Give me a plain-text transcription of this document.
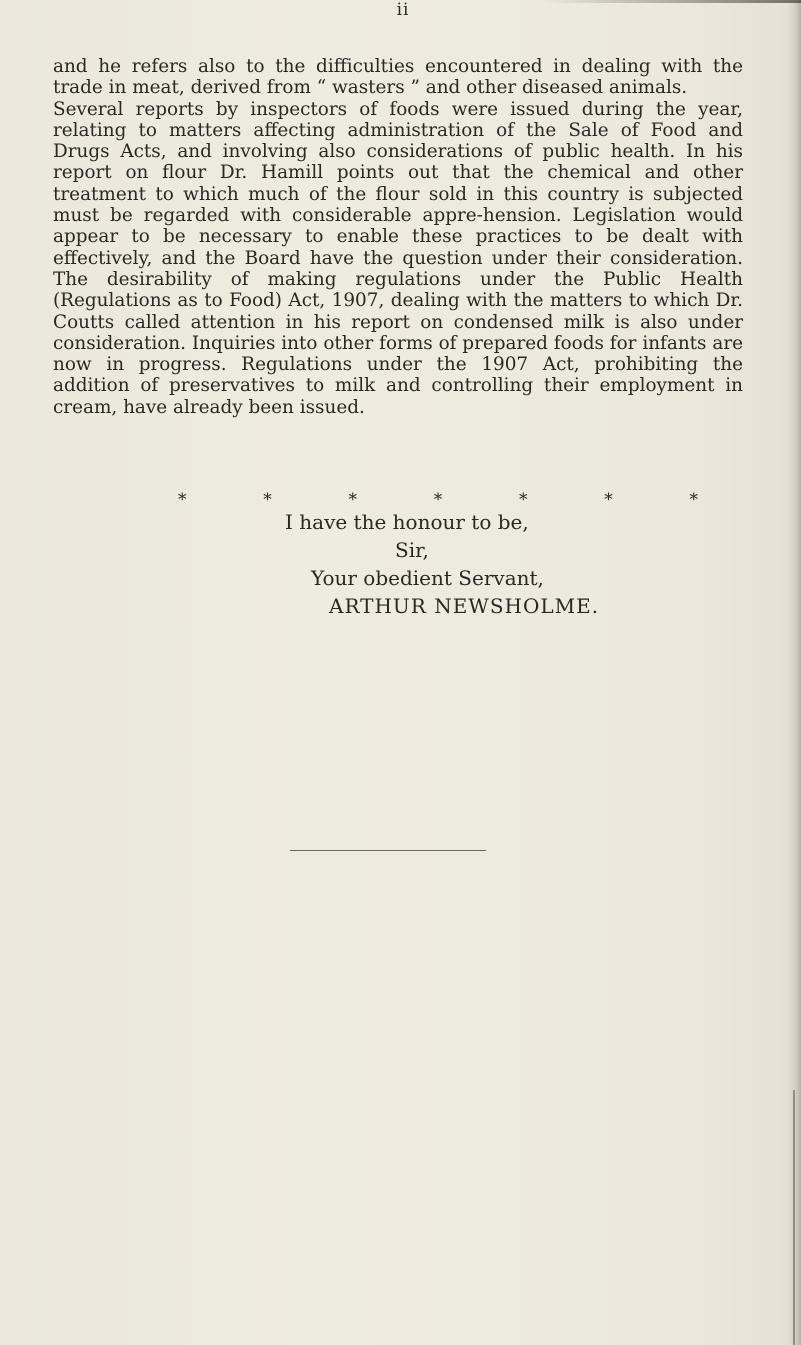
ii

and he refers also to the difficulties encountered in dealing with the trade in meat, derived from “ wasters ” and other diseased animals.

Several reports by inspectors of foods were issued during the year, relating to matters affecting administration of the Sale of Food and Drugs Acts, and involving also considerations of public health. In his report on flour Dr. Hamill points out that the chemical and other treatment to which much of the flour sold in this country is subjected must be regarded with considerable appre-hension. Legislation would appear to be necessary to enable these practices to be dealt with effectively, and the Board have the question under their consideration. The desirability of making regulations under the Public Health (Regulations as to Food) Act, 1907, dealing with the matters to which Dr. Coutts called attention in his report on condensed milk is also under consideration. Inquiries into other forms of prepared foods for infants are now in progress. Regulations under the 1907 Act, prohibiting the addition of preservatives to milk and controlling their employment in cream, have already been issued.

*	*	*	*	*	*	*
I have the honour to be,
Sir,
Your obedient Servant,
ARTHUR NEWSHOLME.
